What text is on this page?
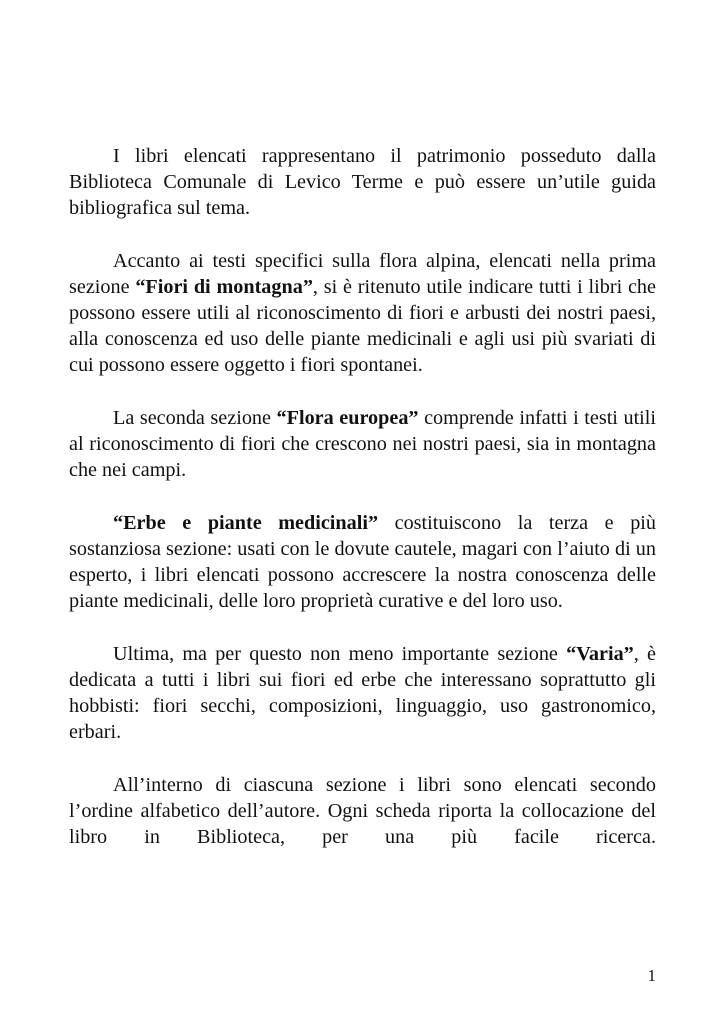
I libri elencati rappresentano il patrimonio posseduto dalla Biblioteca Comunale di Levico Terme e può essere un’utile guida bibliografica sul tema.

Accanto ai testi specifici sulla flora alpina, elencati nella prima sezione “Fiori di montagna”, si è ritenuto utile indicare tutti i libri che possono essere utili al riconoscimento di fiori e arbusti dei nostri paesi, alla conoscenza ed uso delle piante medicinali e agli usi più svariati di cui possono essere oggetto i fiori spontanei.

La seconda sezione “Flora europea” comprende infatti i testi utili al riconoscimento di fiori che crescono nei nostri paesi, sia in montagna che nei campi.

“Erbe e piante medicinali” costituiscono la terza e più sostanziosa sezione: usati con le dovute cautele, magari con l’aiuto di un esperto, i libri elencati possono accrescere la nostra conoscenza delle piante medicinali, delle loro proprietà curative e del loro uso.

Ultima, ma per questo non meno importante sezione “Varia”, è dedicata a tutti i libri sui fiori ed erbe che interessano soprattutto gli hobbisti: fiori secchi, composizioni, linguaggio, uso gastronomico, erbari.

All’interno di ciascuna sezione i libri sono elencati secondo l’ordine alfabetico dell’autore. Ogni scheda riporta la collocazione del libro in Biblioteca, per una più facile ricerca.

1
